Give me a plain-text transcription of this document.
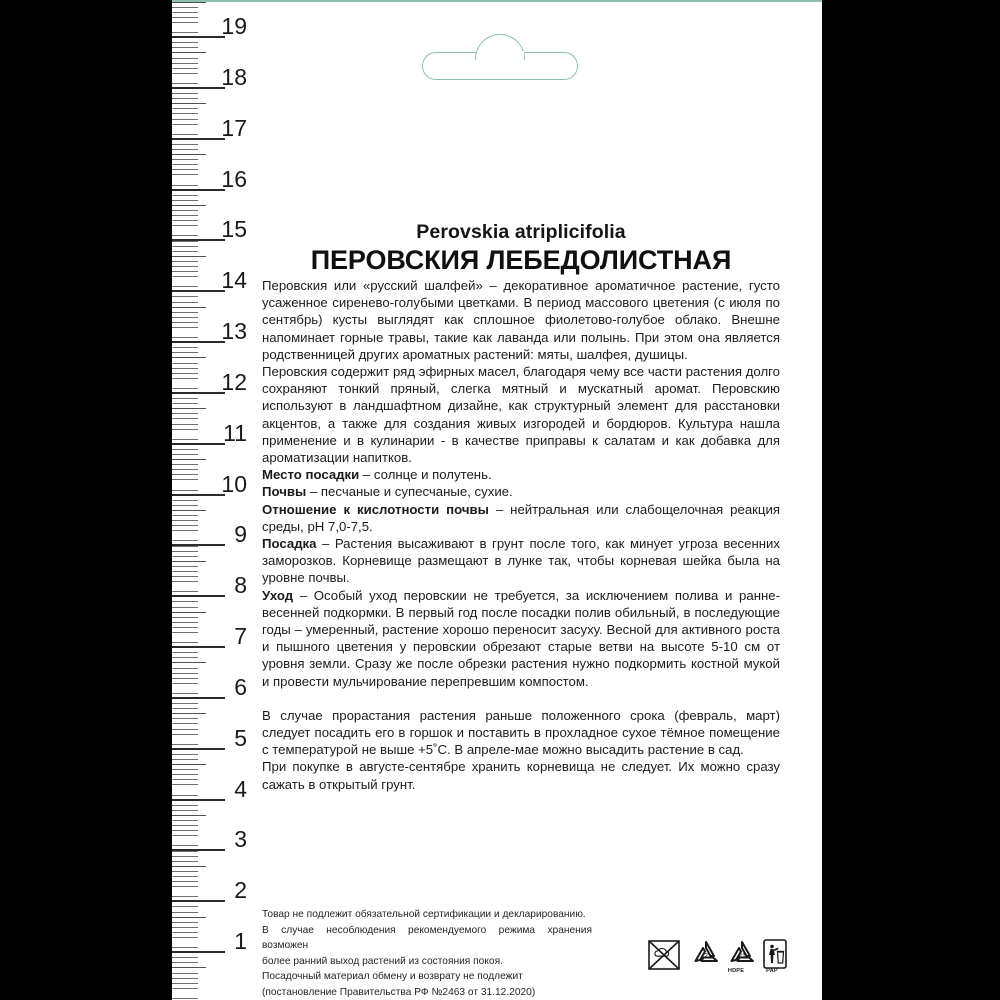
19
18
17
16
15
14
13
12
11
10
9
8
7
6
5
4
3
2
1
Perovskia atriplicifolia
ПЕРОВСКИЯ ЛЕБЕДОЛИСТНАЯ

Перовския или «русский шалфей» – декоративное ароматичное растение, густо усаженное сиренево-голубыми цветками. В период массового цветения (с июля по сентябрь) кусты выглядят как сплошное фиолетово-голубое облако. Внешне напоминает горные травы, такие как лаванда или полынь. При этом она является родственницей других ароматных растений: мяты, шалфея, душицы.

Перовския содержит ряд эфирных масел, благодаря чему все части растения долго сохраняют тонкий пряный, слегка мятный и мускатный аромат. Перовскию используют в ландшафтном дизайне, как структурный элемент для расстановки акцентов, а также для создания живых изгородей и бордюров. Культура нашла применение и в кулинарии - в качестве приправы к салатам и как добавка для ароматизации напитков.

Место посадки – солнце и полутень.

Почвы – песчаные и супесчаные, сухие.

Отношение к кислотности почвы – нейтральная или слабощелочная реакция среды, рН 7,0-7,5.

Посадка – Растения высаживают в грунт после того, как минует угроза весенних заморозков. Корневище размещают в лунке так, чтобы корневая шейка была на уровне почвы.

Уход – Особый уход перовскии не требуется, за исключением полива и ранне-весенней подкормки. В первый год после посадки полив обильный, в последующие годы – умеренный, растение хорошо переносит засуху. Весной для активного роста и пышного цветения у перовскии обрезают старые ветви на высоте 5-10 см от уровня земли. Сразу же после обрезки растения нужно подкормить костной мукой и провести мульчирование перепревшим компостом.

В случае прорастания растения раньше положенного срока (февраль, март) следует посадить его в горшок и поставить в прохладное сухое тёмное помещение с температурой не выше +5˚С. В апреле-мае можно высадить растение в сад.

При покупке в августе-сентябре хранить корневища не следует. Их можно сразу сажать в открытый грунт.

Товар не подлежит обязательной сертификации и декларированию.
В случае несоблюдения рекомендуемого режима хранения возможен
более ранний выход растений из состояния покоя.
Посадочный материал обмену и возврату не подлежит
(постановление Правительства РФ №2463 от 31.12.2020)
2
HDPE
21
PAP
